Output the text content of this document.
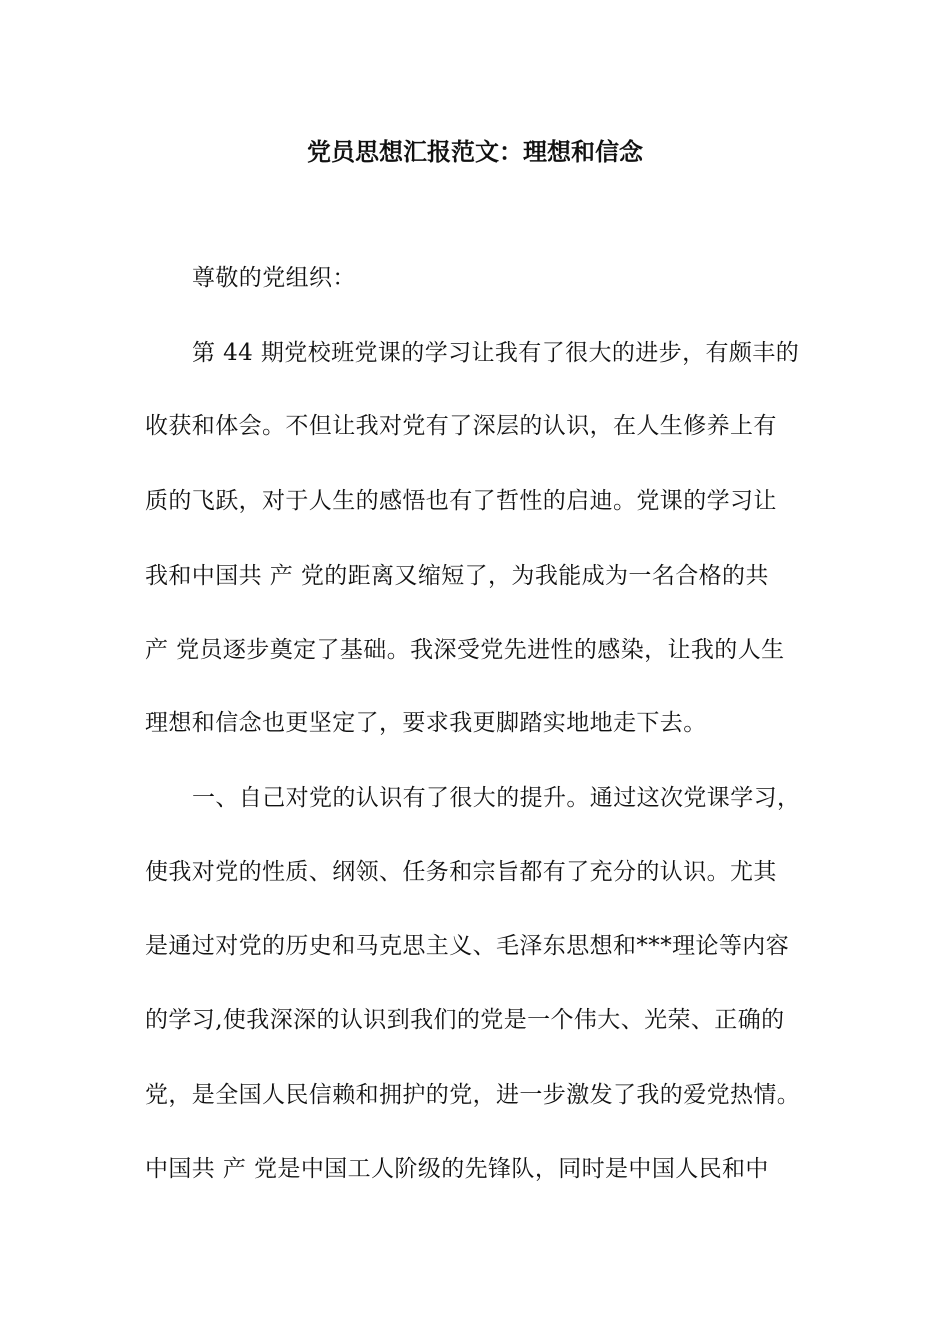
党员思想汇报范文：理想和信念
尊敬的党组织：
第 44 期党校班党课的学习让我有了很大的进步，有颇丰的
收获和体会。不但让我对党有了深层的认识，在人生修养上有
质的飞跃，对于人生的感悟也有了哲性的启迪。党课的学习让
我和中国共 产 党的距离又缩短了，为我能成为一名合格的共
产 党员逐步奠定了基础。我深受党先进性的感染，让我的人生
理想和信念也更坚定了，要求我更脚踏实地地走下去。
一、自己对党的认识有了很大的提升。通过这次党课学习，
使我对党的性质、纲领、任务和宗旨都有了充分的认识。尤其
是通过对党的历史和马克思主义、毛泽东思想和***理论等内容
的学习,使我深深的认识到我们的党是一个伟大、光荣、正确的
党，是全国人民信赖和拥护的党，进一步激发了我的爱党热情。
中国共 产 党是中国工人阶级的先锋队，同时是中国人民和中
